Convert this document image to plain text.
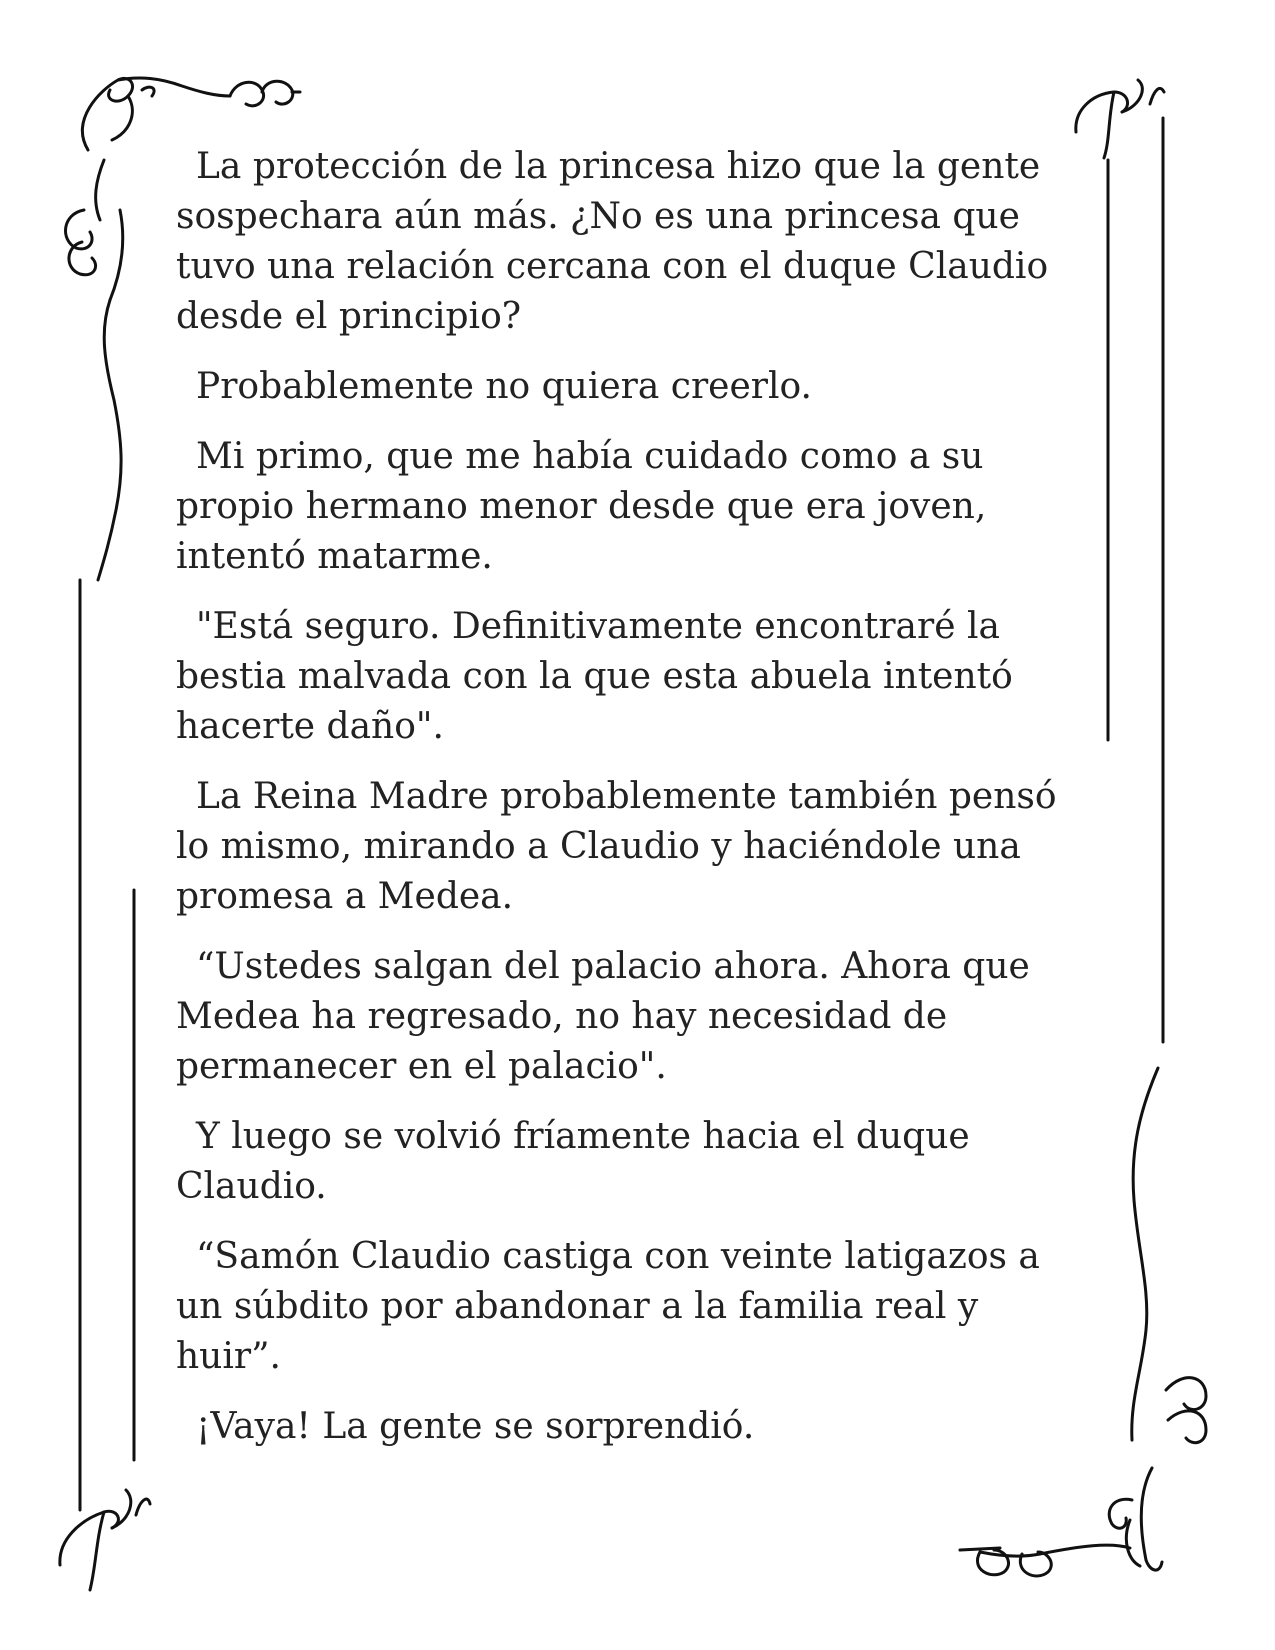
La protección de la princesa hizo que la gente sospechara aún más. ¿No es una princesa que tuvo una relación cercana con el duque Claudio desde el principio?

Probablemente no quiera creerlo.

Mi primo, que me había cuidado como a su propio hermano menor desde que era joven, intentó matarme.

"Está seguro. Definitivamente encontraré la bestia malvada con la que esta abuela intentó hacerte daño".

La Reina Madre probablemente también pensó lo mismo, mirando a Claudio y haciéndole una promesa a Medea.

“Ustedes salgan del palacio ahora. Ahora que Medea ha regresado, no hay necesidad de permanecer en el palacio".

Y luego se volvió fríamente hacia el duque Claudio.

“Samón Claudio castiga con veinte latigazos a un súbdito por abandonar a la familia real y huir”.

¡Vaya! La gente se sorprendió.
